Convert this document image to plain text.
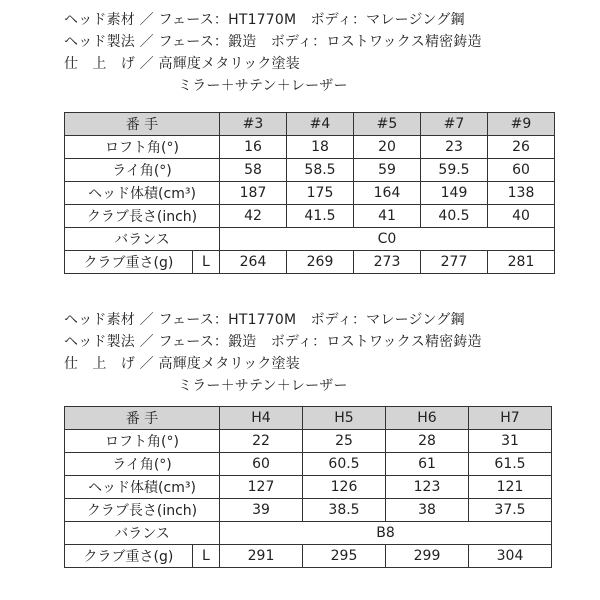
ヘッド素材 ／ フェース：HT1770M　ボディ：マレージング鋼
ヘッド製法 ／ フェース：鍛造　ボディ：ロストワックス精密鋳造
仕　上　げ ／ 高輝度メタリック塗装
ミラー＋サテン＋レーザー
番 手		#3	#4	#5	#7	#9
ロフト角(°)		16	18	20	23	26
ライ角(°)		58	58.5	59	59.5	60
ヘッド体積(cm³)		187	175	164	149	138
クラブ長さ(inch)		42	41.5	41	40.5	40
バランス		C0				
クラブ重さ(g)	L	264	269	273	277	281
ヘッド素材 ／ フェース：HT1770M　ボディ：マレージング鋼
ヘッド製法 ／ フェース：鍛造　ボディ：ロストワックス精密鋳造
仕　上　げ ／ 高輝度メタリック塗装
ミラー＋サテン＋レーザー
番 手		H4	H5	H6	H7
ロフト角(°)		22	25	28	31
ライ角(°)		60	60.5	61	61.5
ヘッド体積(cm³)		127	126	123	121
クラブ長さ(inch)		39	38.5	38	37.5
バランス		B8			
クラブ重さ(g)	L	291	295	299	304
